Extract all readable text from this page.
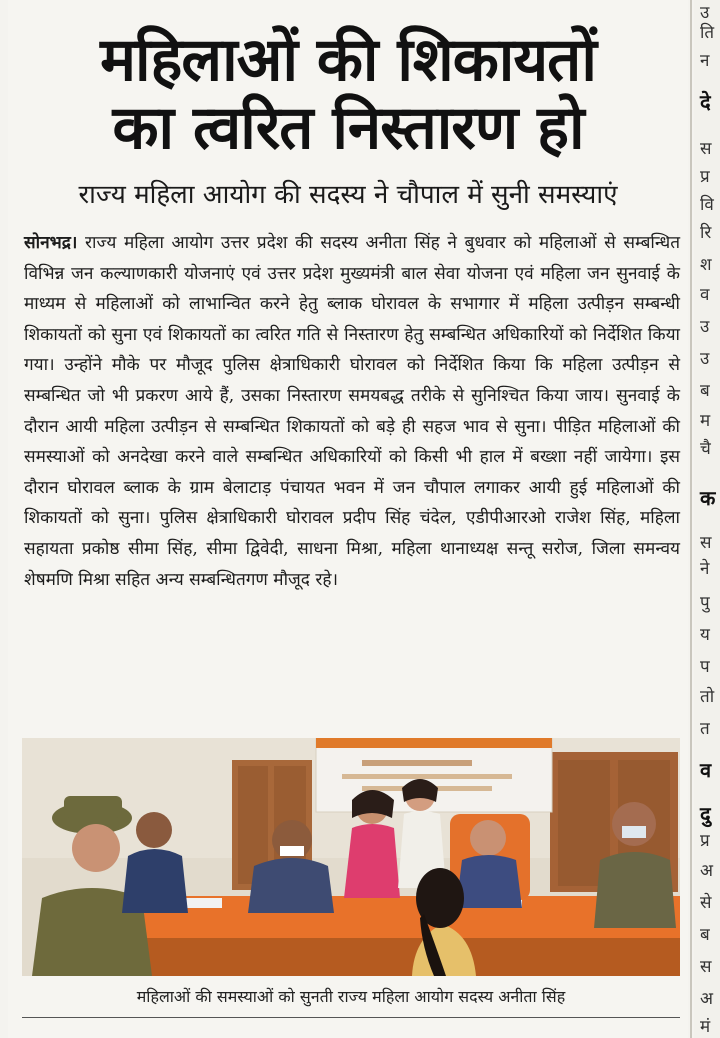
महिलाओं की शिकायतों
का त्वरित निस्तारण हो
राज्य महिला आयोग की सदस्य ने चौपाल में सुनी समस्याएं
सोनभद्र। राज्य महिला आयोग उत्तर प्रदेश की सदस्य अनीता सिंह ने बुधवार को महिलाओं से सम्बन्धित विभिन्न जन कल्याणकारी योजनाएं एवं उत्तर प्रदेश मुख्यमंत्री बाल सेवा योजना एवं महिला जन सुनवाई के माध्यम से महिलाओं को लाभान्वित करने हेतु ब्लाक घोरावल के सभागार में महिला उत्पीड़न सम्बन्धी शिकायतों को सुना एवं शिकायतों का त्वरित गति से निस्तारण हेतु सम्बन्धित अधिकारियों को निर्देशित किया गया। उन्होंने मौके पर मौजूद पुलिस क्षेत्राधिकारी घोरावल को निर्देशित किया कि महिला उत्पीड़न से सम्बन्धित जो भी प्रकरण आये हैं, उसका निस्तारण समयबद्ध तरीके से सुनिश्चित किया जाय। सुनवाई के दौरान आयी महिला उत्पीड़न से सम्बन्धित शिकायतों को बड़े ही सहज भाव से सुना। पीड़ित महिलाओं की समस्याओं को अनदेखा करने वाले सम्बन्धित अधिकारियों को किसी भी हाल में बख्शा नहीं जायेगा। इस दौरान घोरावल ब्लाक के ग्राम बेलाटाड़ पंचायत भवन में जन चौपाल लगाकर आयी हुई महिलाओं की शिकायतों को सुना। पुलिस क्षेत्राधिकारी घोरावल प्रदीप सिंह चंदेल, एडीपीआरओ राजेश सिंह, महिला सहायता प्रकोष्ठ सीमा सिंह, सीमा द्विवेदी, साधना मिश्रा, महिला थानाध्यक्ष सन्तू सरोज, जिला समन्वय शेषमणि मिश्रा सहित अन्य सम्बन्धितगण मौजूद रहे।
महिलाओं की समस्याओं को सुनती राज्य महिला आयोग सदस्य अनीता सिंह
उ
ति
न
दे
स
प्र
वि
रि
श
व
उ
उ
ब
म
चै
क
स
ने
पु
य
प
तो
त
व
दु
प्र
अ
से
ब
स
अ
मं
